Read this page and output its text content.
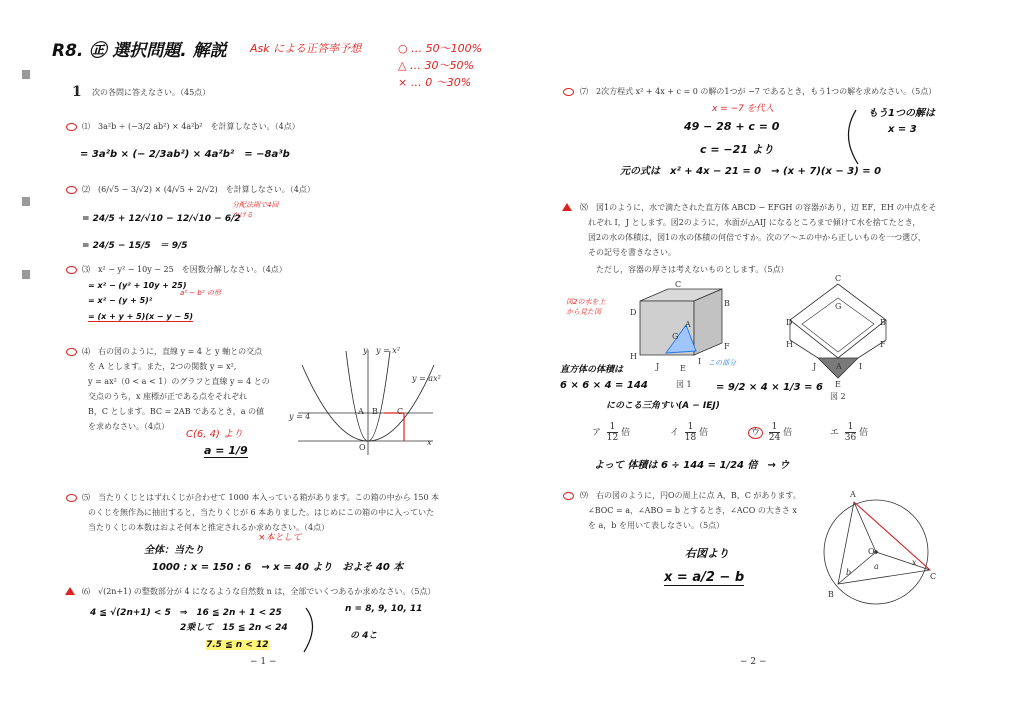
R8. ㊣ 選択問題. 解説 Ask による正答率予想	○ … 50〜100%
△ … 30〜50%
× … 0 〜30%
1 次の各問に答えなさい。（45点）
⑴　3a²b ÷ (−3/2 ab²) × 4a²b²　を計算しなさい。（4点）
= 3a²b × (− 2/3ab²) × 4a²b²　= −8a³b
⑵　(6/√5 − 3/√2) × (4/√5 + 2/√2)　を計算しなさい。（4点）
分配法則で4回かける
= 24/5 + 12/√10 − 12/√10 − 6/2
= 24/5 − 15/5　＝ 9/5
⑶　x² − y² − 10y − 25　を因数分解しなさい。（4点）
= x² − (y² + 10y + 25)
= x² − (y + 5)²
a² − b² の形
= (x + y + 5)(x − y − 5)
⑷　右の図のように，直線 y = 4 と y 軸との交点
を A とします。また，2つの関数 y = x²,
y = ax²（0 < a < 1）のグラフと直線 y = 4 との
交点のうち，x 座標が正である点をそれぞれ
B，C とします。BC = 2AB であるとき，a の値
を求めなさい。（4点）
C(6, 4) より
a = 1/9
y y = x²
y = ax²
y = 4
A B C
O
x
⑸　当たりくじとはずれくじが合わせて 1000 本入っている箱があります。この箱の中から 150 本
のくじを無作為に抽出すると，当たりくじが 6 本ありました。はじめにこの箱の中に入っていた
当たりくじの本数はおよそ何本と推定されるか求めなさい。（4点）
×本として
全体：当たり
1000 : x = 150 : 6　→ x = 40 より　およそ 40 本
⑹　√(2n+1) の整数部分が 4 になるような自然数 n は，全部でいくつあるか求めなさい。（5点）
4 ≦ √(2n+1) < 5　⇒　16 ≦ 2n + 1 < 25
2乗して　15 ≦ 2n < 24
7.5 ≦ n < 12
n = 8, 9, 10, 11
の 4こ
− 1 −
⑺　2次方程式 x² + 4x + c = 0 の解の1つが −7 であるとき，もう1つの解を求めなさい。（5点）
x = −7 を代入
49 − 28 + c = 0
c = −21 より
もう1つの解は
x = 3
元の式は　x² + 4x − 21 = 0　→ (x + 7)(x − 3) = 0
⑻　図1のように，水で満たされた直方体 ABCD − EFGH の容器があり，辺 EF，EH の中点をそ
れぞれ I，J とします。図2のように，水面が△AIJ になるところまで傾けて水を捨てたとき，
図2の水の体積は，図1の水の体積の何倍ですか。次のア〜エの中から正しいものを一つ選び，
その記号を書きなさい。
ただし，容器の厚さは考えないものとします。（5点）
図2の水を上から見た図
A
B
C
D
E
F
G
H
I
J
図 1
この部分
C
D	B
G
H	F
J A I
E
図 2
直方体の体積は
6 × 6 × 4 = 144
にのこる三角すい(A − IEJ)
= 9/2 × 4 × 1/3 = 6
ア $\frac{1}{12}$ 倍	イ $\frac{1}{18}$ 倍	ウ $\frac{1}{24}$ 倍	エ $\frac{1}{36}$ 倍
よって 体積は 6 ÷ 144 = 1/24 倍　→ ウ
⑼　右の図のように，円Oの周上に点 A，B，C があります。
∠BOC = a，∠ABO = b とするとき，∠ACO の大きさ x
を a，b を用いて表しなさい。（5点）
右図より
x = a/2 − b
A
B
C
O
x
b
a
− 2 −
